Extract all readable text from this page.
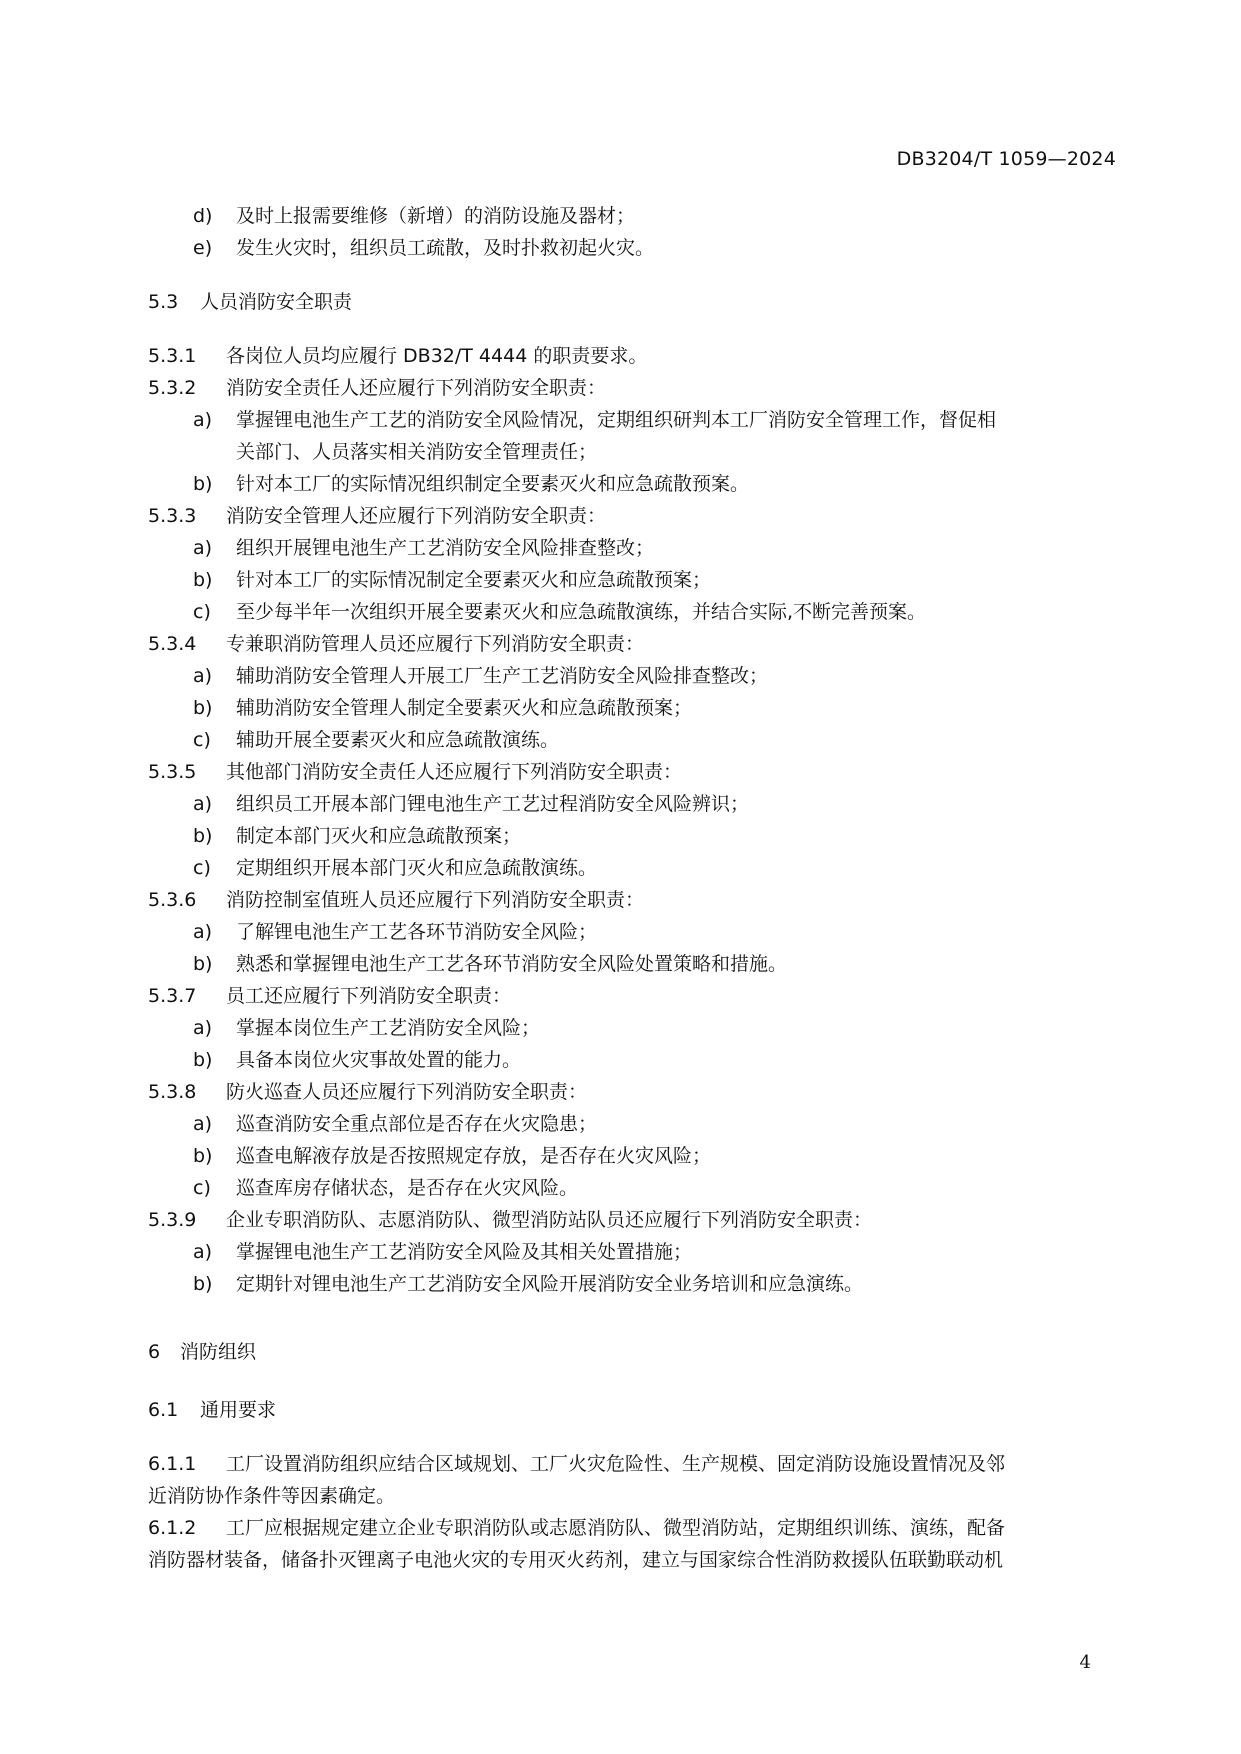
DB3204/T 1059—2024
d)	及时上报需要维修（新增）的消防设施及器材；
e)	发生火灾时，组织员工疏散，及时扑救初起火灾。
5.3 人员消防安全职责
5.3.1 各岗位人员均应履行 DB32/T 4444 的职责要求。
5.3.2 消防安全责任人还应履行下列消防安全职责：
a)	掌握锂电池生产工艺的消防安全风险情况，定期组织研判本工厂消防安全管理工作，督促相
关部门、人员落实相关消防安全管理责任；
b)	针对本工厂的实际情况组织制定全要素灭火和应急疏散预案。
5.3.3 消防安全管理人还应履行下列消防安全职责：
a)	组织开展锂电池生产工艺消防安全风险排查整改；
b)	针对本工厂的实际情况制定全要素灭火和应急疏散预案；
c)	至少每半年一次组织开展全要素灭火和应急疏散演练，并结合实际,不断完善预案。
5.3.4 专兼职消防管理人员还应履行下列消防安全职责：
a)	辅助消防安全管理人开展工厂生产工艺消防安全风险排查整改；
b)	辅助消防安全管理人制定全要素灭火和应急疏散预案；
c)	辅助开展全要素灭火和应急疏散演练。
5.3.5 其他部门消防安全责任人还应履行下列消防安全职责：
a)	组织员工开展本部门锂电池生产工艺过程消防安全风险辨识；
b)	制定本部门灭火和应急疏散预案；
c)	定期组织开展本部门灭火和应急疏散演练。
5.3.6 消防控制室值班人员还应履行下列消防安全职责：
a)	了解锂电池生产工艺各环节消防安全风险；
b)	熟悉和掌握锂电池生产工艺各环节消防安全风险处置策略和措施。
5.3.7 员工还应履行下列消防安全职责：
a)	掌握本岗位生产工艺消防安全风险；
b)	具备本岗位火灾事故处置的能力。
5.3.8 防火巡查人员还应履行下列消防安全职责：
a)	巡查消防安全重点部位是否存在火灾隐患；
b)	巡查电解液存放是否按照规定存放，是否存在火灾风险；
c)	巡查库房存储状态，是否存在火灾风险。
5.3.9 企业专职消防队、志愿消防队、微型消防站队员还应履行下列消防安全职责：
a)	掌握锂电池生产工艺消防安全风险及其相关处置措施；
b)	定期针对锂电池生产工艺消防安全风险开展消防安全业务培训和应急演练。
6 消防组织
6.1 通用要求
6.1.1 工厂设置消防组织应结合区域规划、工厂火灾危险性、生产规模、固定消防设施设置情况及邻
近消防协作条件等因素确定。
6.1.2 工厂应根据规定建立企业专职消防队或志愿消防队、微型消防站，定期组织训练、演练，配备
消防器材装备，储备扑灭锂离子电池火灾的专用灭火药剂，建立与国家综合性消防救援队伍联勤联动机
4
